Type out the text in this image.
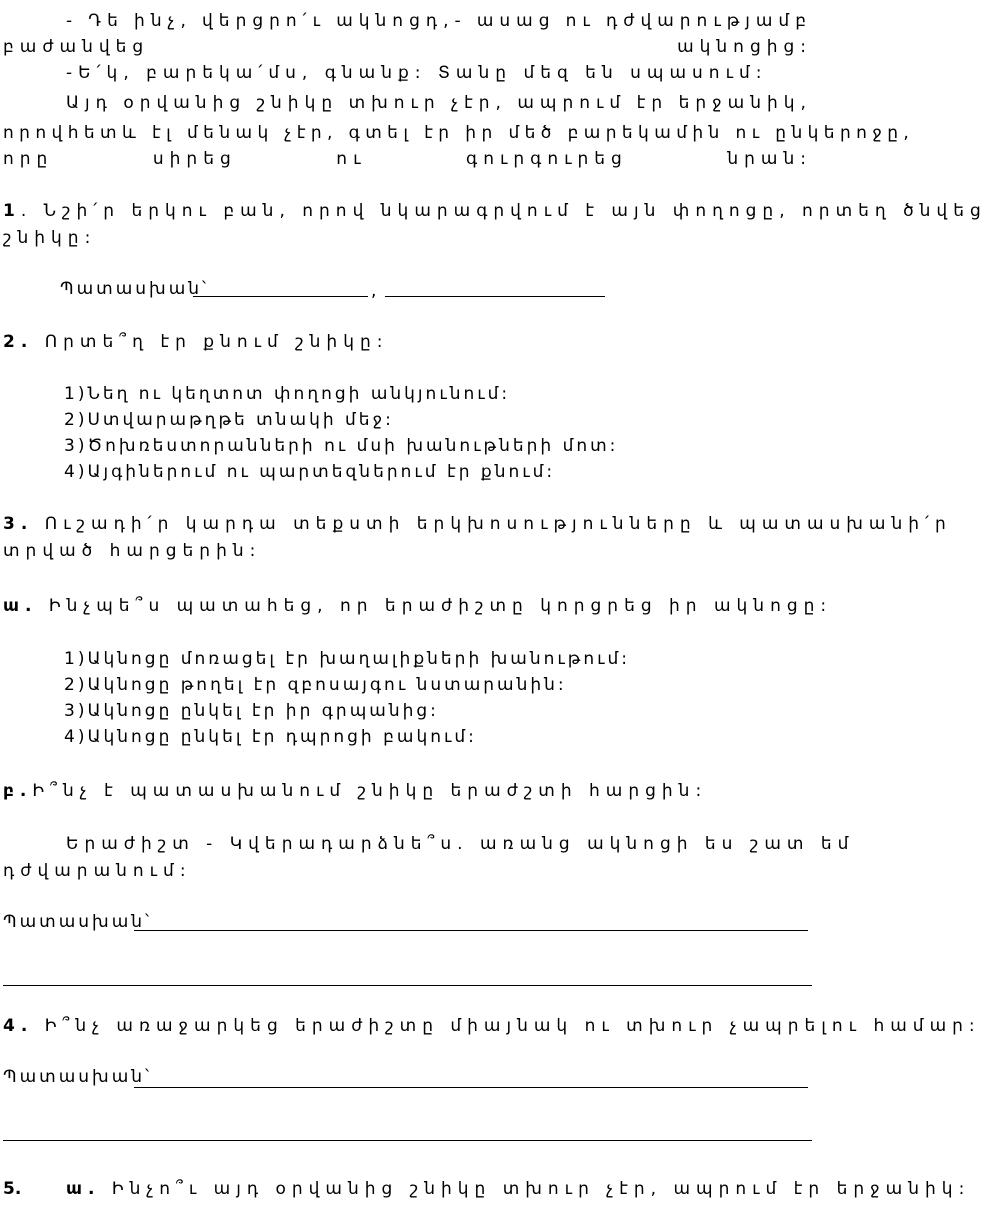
- Դե ինչ, վերցրո՛ւ ակնոցդ,- ասաց ու դժվարությամբ
բաժանվեց	ակնոցից:
-Ե՛կ, բարեկա՛մս, գնանք: Տանը մեզ են սպասում:
Այդ օրվանից շնիկը տխուր չէր, ապրում էր երջանիկ,
որովհետև էլ մենակ չէր, գտել էր իր մեծ բարեկամին ու ընկերոջը,
որը	սիրեց	ու	գուրգուրեց	նրան:
1. Նշի՛ր երկու բան, որով նկարագրվում է այն փողոցը, որտեղ ծնվեց
շնիկը:
Պատասխան՝	,
2. Որտե՞ղ էր քնում շնիկը:
1)Նեղ ու կեղտոտ փողոցի անկյունում:
2)Ստվարաթղթե տնակի մեջ:
3)Ծոխռեստորանների ու մսի խանութների մոտ:
4)Այգիներում ու պարտեզներում էր քնում:
3. Ուշադի՛ր կարդա տեքստի երկխոսությունները և պատասխանի՛ր
տրված հարցերին:
ա. Ինչպե՞ս պատահեց, որ երաժիշտը կորցրեց իր ակնոցը:
1)Ակնոցը մոռացել էր խաղալիքների խանութում:
2)Ակնոցը թողել էր զբոսայգու նստարանին:
3)Ակնոցը ընկել էր իր գրպանից:
4)Ակնոցը ընկել էր դպրոցի բակում:
բ.Ի՞նչ է պատասխանում շնիկը երաժշտի հարցին:
Երաժիշտ - Կվերադարձնե՞ս. առանց ակնոցի ես շատ եմ
դժվարանում:
Պատասխան՝
4. Ի՞նչ առաջարկեց երաժիշտը միայնակ ու տխուր չապրելու համար:
Պատասխան՝
5.	ա. Ինչո՞ւ այդ օրվանից շնիկը տխուր չէր, ապրում էր երջանիկ:
